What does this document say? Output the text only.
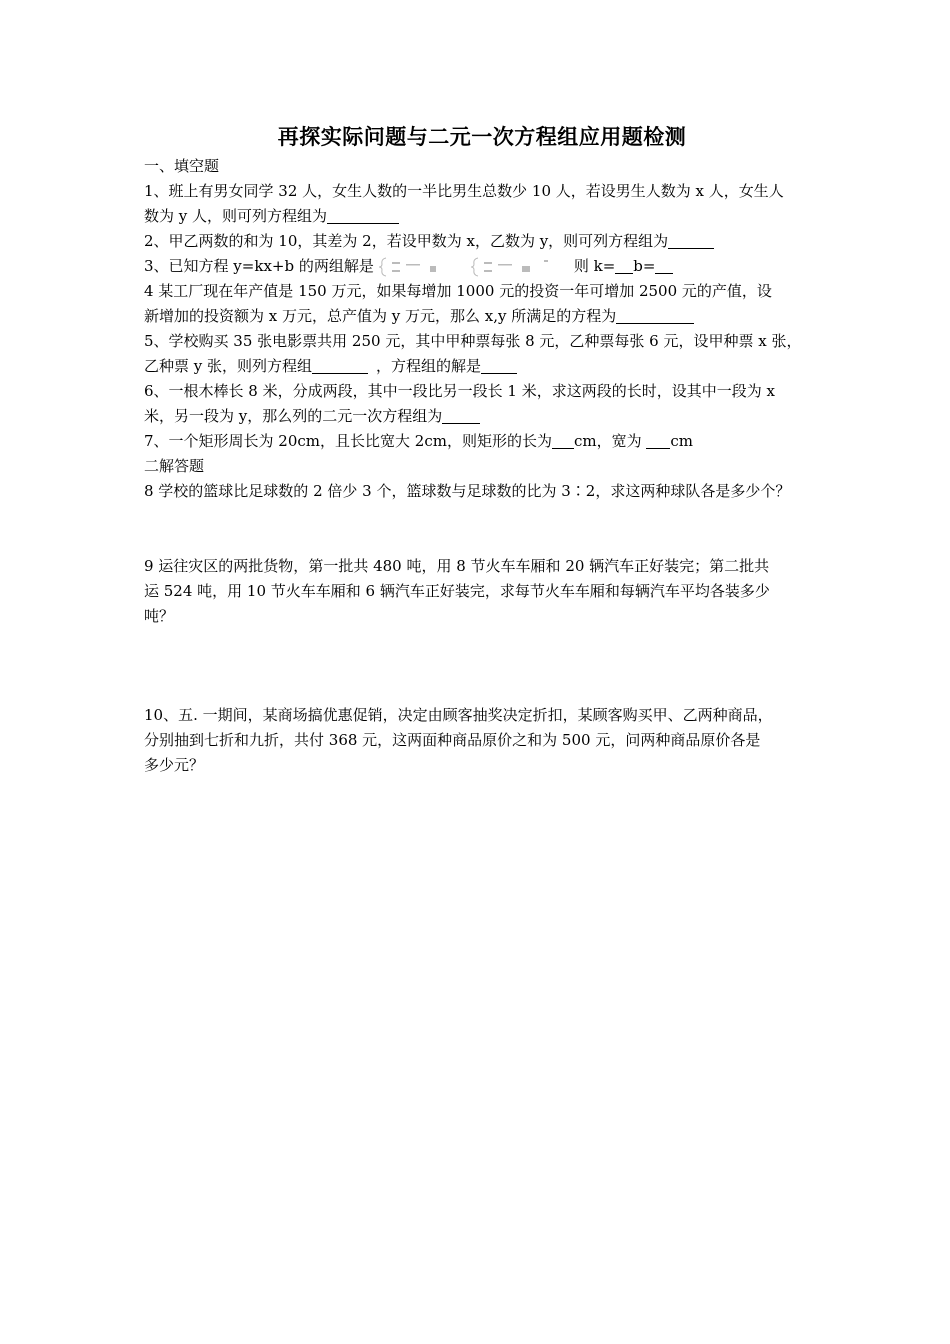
再探实际问题与二元一次方程组应用题检测

一、填空题

1、班上有男女同学 32 人，女生人数的一半比男生总数少 10 人，若设男生人数为 x 人，女生人

数为 y 人，则可列方程组为

2、甲乙两数的和为 10，其差为 2，若设甲数为 x，乙数为 y，则可列方程组为

3、已知方程 y=kx+b 的两组解是	则 k= b=

4 某工厂现在年产值是 150 万元，如果每增加 1000 元的投资一年可增加 2500 元的产值，设

新增加的投资额为 x 万元，总产值为 y 万元，那么 x,y 所满足的方程为

5、学校购买 35 张电影票共用 250 元，其中甲种票每张 8 元，乙种票每张 6 元，设甲种票 x 张，

乙种票 y 张，则列方程组	，方程组的解是

6、一根木棒长 8 米，分成两段，其中一段比另一段长 1 米，求这两段的长时，设其中一段为 x

米，另一段为 y，那么列的二元一次方程组为

7、一个矩形周长为 20cm，且长比宽大 2cm，则矩形的长为 cm，宽为 cm

二解答题

8 学校的篮球比足球数的 2 倍少 3 个，篮球数与足球数的比为 3∶2，求这两种球队各是多少个？

9 运往灾区的两批货物，第一批共 480 吨，用 8 节火车车厢和 20 辆汽车正好装完；第二批共

运 524 吨，用 10 节火车车厢和 6 辆汽车正好装完，求每节火车车厢和每辆汽车平均各装多少

吨？

10、五. 一期间，某商场搞优惠促销，决定由顾客抽奖决定折扣，某顾客购买甲、乙两种商品，

分别抽到七折和九折，共付 368 元，这两面种商品原价之和为 500 元，问两种商品原价各是

多少元？
